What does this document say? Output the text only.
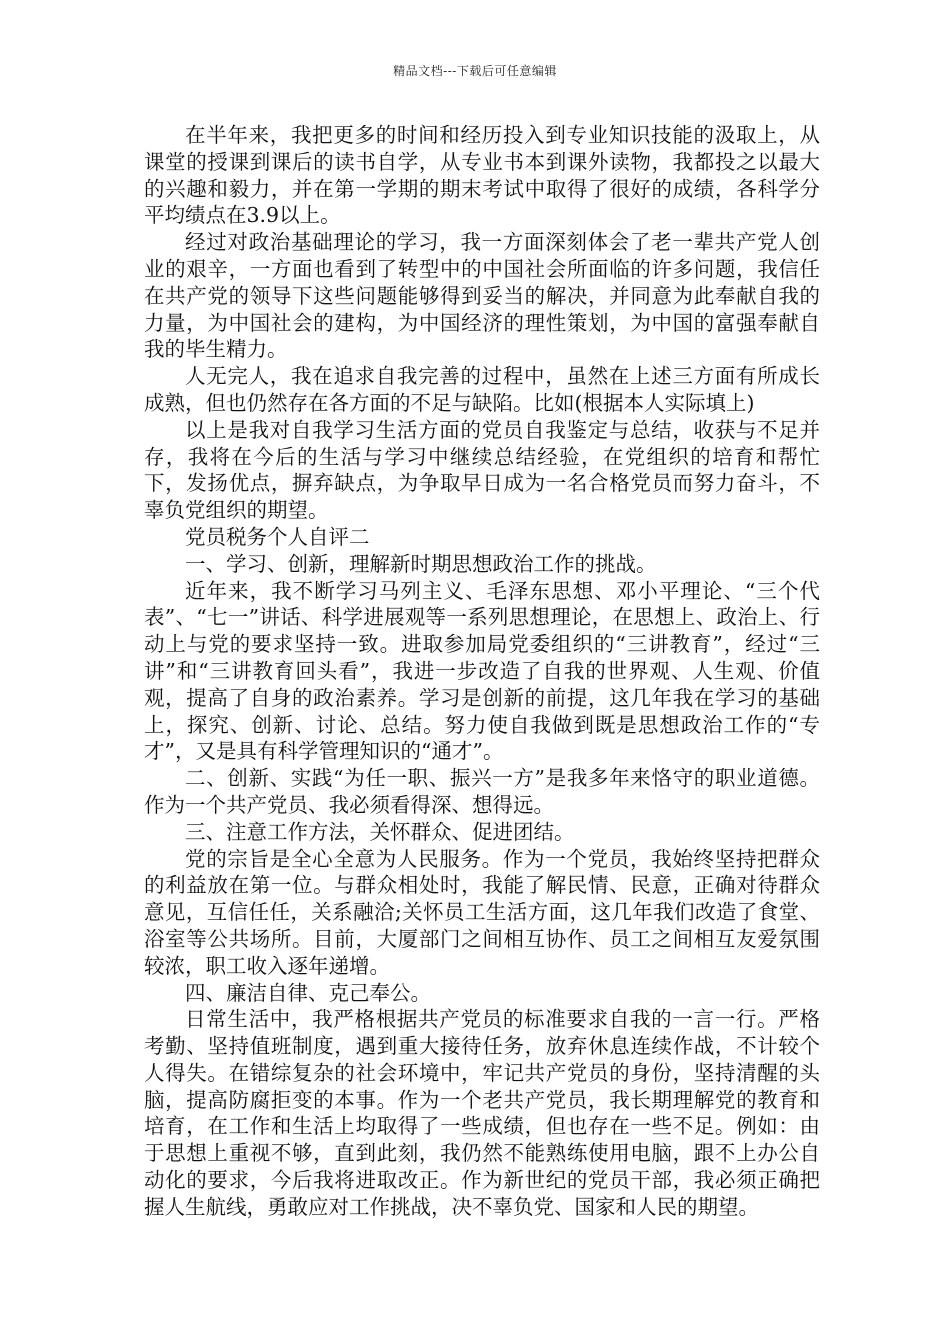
精品文档---下载后可任意编辑

在半年来，我把更多的时间和经历投入到专业知识技能的汲取上，从课堂的授课到课后的读书自学，从专业书本到课外读物，我都投之以最大的兴趣和毅力，并在第一学期的期末考试中取得了很好的成绩，各科学分平均绩点在3.9以上。

经过对政治基础理论的学习，我一方面深刻体会了老一辈共产党人创业的艰辛，一方面也看到了转型中的中国社会所面临的许多问题，我信任在共产党的领导下这些问题能够得到妥当的解决，并同意为此奉献自我的力量，为中国社会的建构，为中国经济的理性策划，为中国的富强奉献自我的毕生精力。

人无完人，我在追求自我完善的过程中，虽然在上述三方面有所成长成熟，但也仍然存在各方面的不足与缺陷。比如(根据本人实际填上)

以上是我对自我学习生活方面的党员自我鉴定与总结，收获与不足并存，我将在今后的生活与学习中继续总结经验，在党组织的培育和帮忙下，发扬优点，摒弃缺点，为争取早日成为一名合格党员而努力奋斗，不辜负党组织的期望。

党员税务个人自评二

一、学习、创新，理解新时期思想政治工作的挑战。

近年来，我不断学习马列主义、毛泽东思想、邓小平理论、“三个代表”、“七一”讲话、科学进展观等一系列思想理论，在思想上、政治上、行动上与党的要求坚持一致。进取参加局党委组织的“三讲教育”，经过“三讲”和“三讲教育回头看”，我进一步改造了自我的世界观、人生观、价值观，提高了自身的政治素养。学习是创新的前提，这几年我在学习的基础上，探究、创新、讨论、总结。努力使自我做到既是思想政治工作的“专才”，又是具有科学管理知识的“通才”。

二、创新、实践“为任一职、振兴一方”是我多年来恪守的职业道德。作为一个共产党员、我必须看得深、想得远。

三、注意工作方法，关怀群众、促进团结。

党的宗旨是全心全意为人民服务。作为一个党员，我始终坚持把群众的利益放在第一位。与群众相处时，我能了解民情、民意，正确对待群众意见，互信任任，关系融洽;关怀员工生活方面，这几年我们改造了食堂、浴室等公共场所。目前，大厦部门之间相互协作、员工之间相互友爱氛围较浓，职工收入逐年递增。

四、廉洁自律、克己奉公。

日常生活中，我严格根据共产党员的标准要求自我的一言一行。严格考勤、坚持值班制度，遇到重大接待任务，放弃休息连续作战，不计较个人得失。在错综复杂的社会环境中，牢记共产党员的身份，坚持清醒的头脑，提高防腐拒变的本事。作为一个老共产党员，我长期理解党的教育和培育，在工作和生活上均取得了一些成绩，但也存在一些不足。例如：由于思想上重视不够，直到此刻，我仍然不能熟练使用电脑，跟不上办公自动化的要求，今后我将进取改正。作为新世纪的党员干部，我必须正确把握人生航线，勇敢应对工作挑战，决不辜负党、国家和人民的期望。
